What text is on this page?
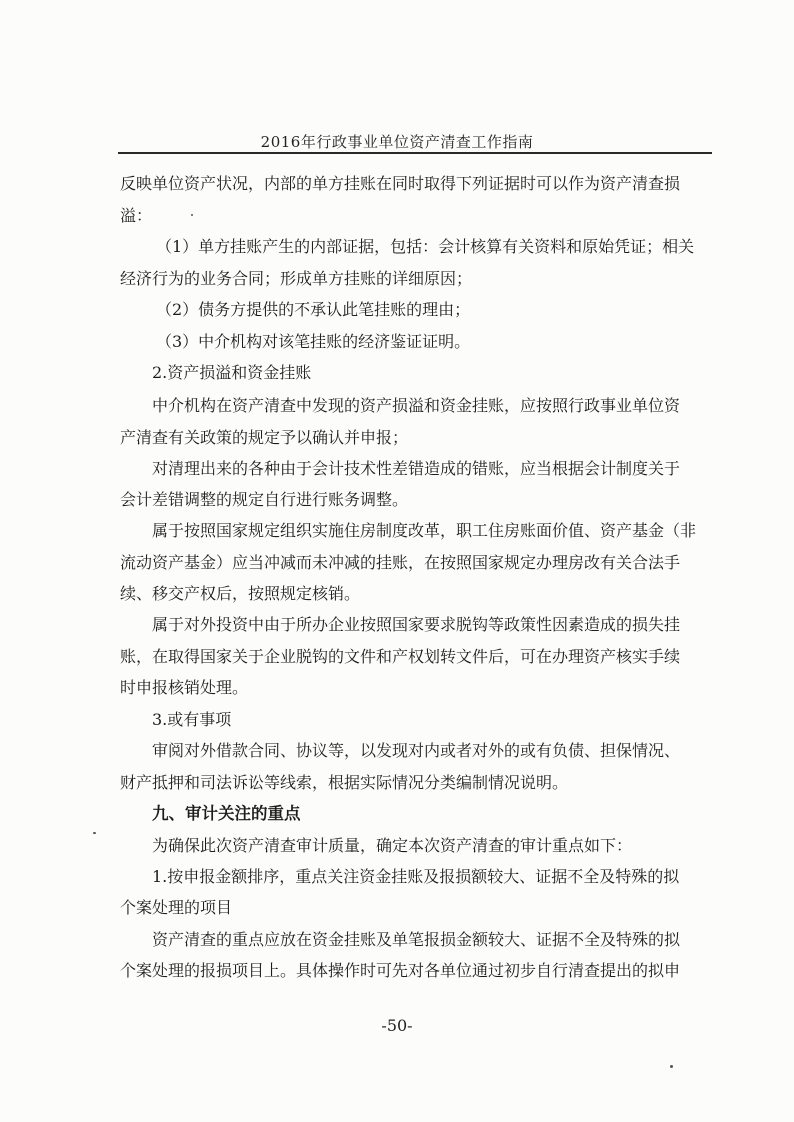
2016年行政事业单位资产清查工作指南
反映单位资产状况，内部的单方挂账在同时取得下列证据时可以作为资产清查损
溢：
（1）单方挂账产生的内部证据，包括：会计核算有关资料和原始凭证；相关
经济行为的业务合同；形成单方挂账的详细原因；
（2）债务方提供的不承认此笔挂账的理由；
（3）中介机构对该笔挂账的经济鉴证证明。
2.资产损溢和资金挂账
中介机构在资产清查中发现的资产损溢和资金挂账，应按照行政事业单位资
产清查有关政策的规定予以确认并申报；
对清理出来的各种由于会计技术性差错造成的错账，应当根据会计制度关于
会计差错调整的规定自行进行账务调整。
属于按照国家规定组织实施住房制度改革，职工住房账面价值、资产基金（非
流动资产基金）应当冲减而未冲减的挂账，在按照国家规定办理房改有关合法手
续、移交产权后，按照规定核销。
属于对外投资中由于所办企业按照国家要求脱钩等政策性因素造成的损失挂
账，在取得国家关于企业脱钩的文件和产权划转文件后，可在办理资产核实手续
时申报核销处理。
3.或有事项
审阅对外借款合同、协议等，以发现对内或者对外的或有负债、担保情况、
财产抵押和司法诉讼等线索，根据实际情况分类编制情况说明。
九、审计关注的重点
为确保此次资产清查审计质量，确定本次资产清查的审计重点如下：
1.按申报金额排序，重点关注资金挂账及报损额较大、证据不全及特殊的拟
个案处理的项目
资产清查的重点应放在资金挂账及单笔报损金额较大、证据不全及特殊的拟
个案处理的报损项目上。具体操作时可先对各单位通过初步自行清查提出的拟申
-50-
